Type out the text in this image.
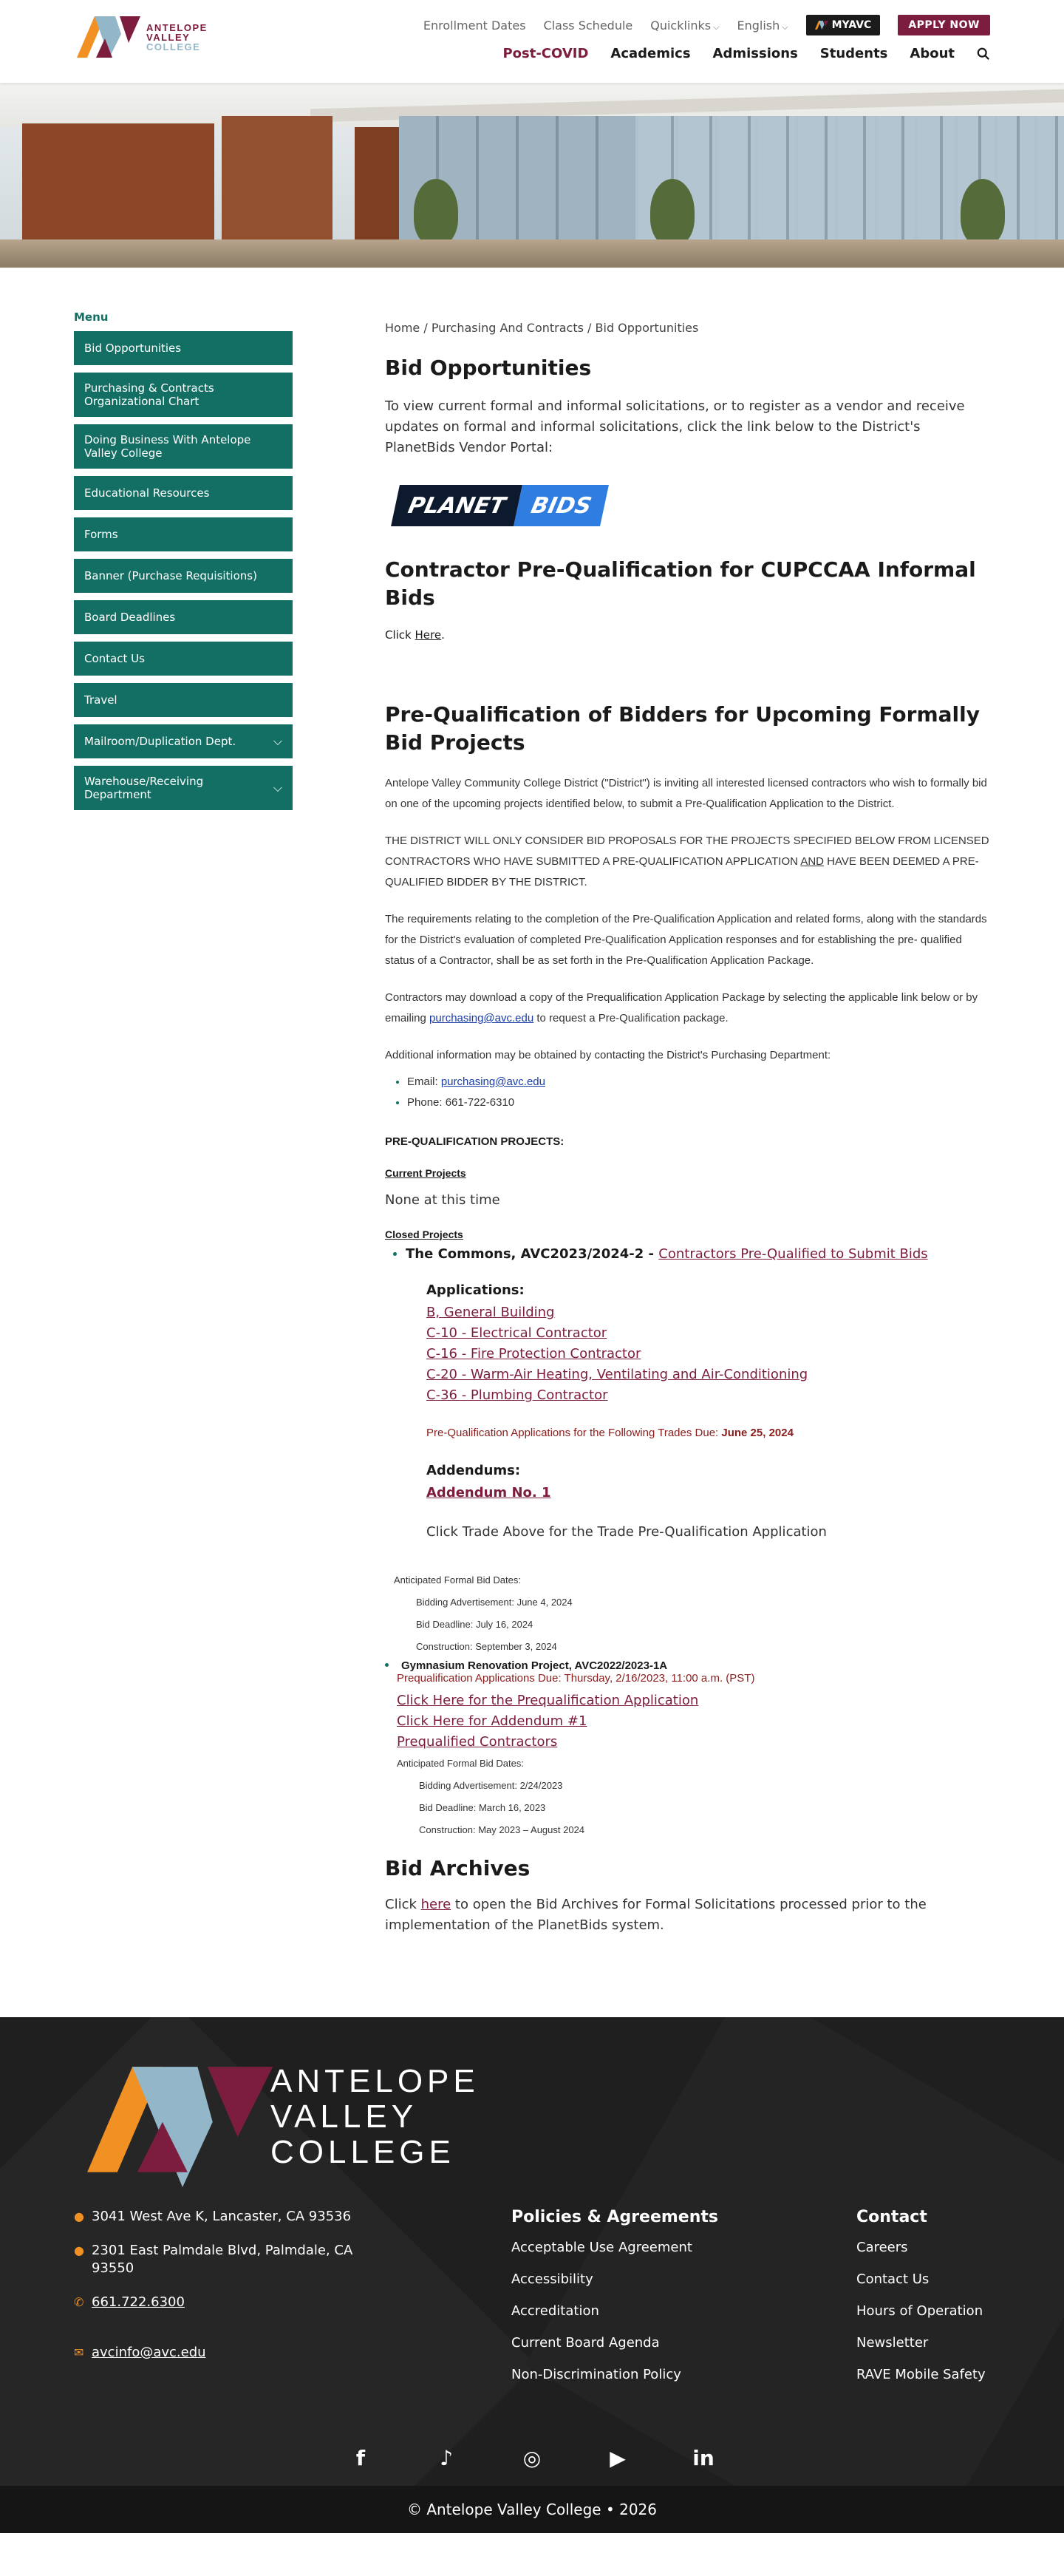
ANTELOPE
VALLEY
COLLEGE
Enrollment Dates Class Schedule Quicklinks ⌵ English ⌵	MYAVC	APPLY NOW
Post-COVID Academics Admissions Students About
Menu
Bid Opportunities
Purchasing & Contracts Organizational Chart
Doing Business With Antelope Valley College
Educational Resources
Forms
Banner (Purchase Requisitions)
Board Deadlines
Contact Us
Travel
Mailroom/Duplication Dept.	⌵
Warehouse/Receiving Department	⌵
Home / Purchasing And Contracts / Bid Opportunities
Bid Opportunities

To view current formal and informal solicitations, or to register as a vendor and receive updates on formal and informal solicitations, click the link below to the District's PlanetBids Vendor Portal:

PLANET BIDS
Contractor Pre-Qualification for CUPCCAA Informal Bids

Click Here.

Pre-Qualification of Bidders for Upcoming Formally Bid Projects

Antelope Valley Community College District ("District") is inviting all interested licensed contractors who wish to formally bid on one of the upcoming projects identified below, to submit a Pre-Qualification Application to the District.

THE DISTRICT WILL ONLY CONSIDER BID PROPOSALS FOR THE PROJECTS SPECIFIED BELOW FROM LICENSED CONTRACTORS WHO HAVE SUBMITTED A PRE-QUALIFICATION APPLICATION AND HAVE BEEN DEEMED A PRE-QUALIFIED BIDDER BY THE DISTRICT.

The requirements relating to the completion of the Pre-Qualification Application and related forms, along with the standards for the District's evaluation of completed Pre-Qualification Application responses and for establishing the pre- qualified status of a Contractor, shall be as set forth in the Pre-Qualification Application Package.

Contractors may download a copy of the Prequalification Application Package by selecting the applicable link below or by emailing purchasing@avc.edu to request a Pre-Qualification package.

Additional information may be obtained by contacting the District's Purchasing Department:

• Email: purchasing@avc.edu
• Phone: 661-722-6310

PRE-QUALIFICATION PROJECTS:

Current Projects

None at this time

Closed Projects

• The Commons, AVC2023/2024-2 - Contractors Pre-Qualified to Submit Bids

Applications:
B, General Building
C-10 - Electrical Contractor
C-16 - Fire Protection Contractor
C-20 - Warm-Air Heating, Ventilating and Air-Conditioning
C-36 - Plumbing Contractor

Pre-Qualification Applications for the Following Trades Due: June 25, 2024

Addendums:
Addendum No. 1

Click Trade Above for the Trade Pre-Qualification Application

Anticipated Formal Bid Dates:
Bidding Advertisement: June 4, 2024
Bid Deadline: July 16, 2024
Construction: September 3, 2024
• Gymnasium Renovation Project, AVC2022/2023-1A

Prequalification Applications Due: Thursday, 2/16/2023, 11:00 a.m. (PST)

Click Here for the Prequalification Application
Click Here for Addendum #1
Prequalified Contractors
Anticipated Formal Bid Dates:
Bidding Advertisement: 2/24/2023
Bid Deadline: March 16, 2023
Construction: May 2023 – August 2024
Bid Archives

Click here to open the Bid Archives for Formal Solicitations processed prior to the implementation of the PlanetBids system.

ANTELOPE
VALLEY
COLLEGE
● 3041 West Ave K, Lancaster, CA 93536
● 2301 East Palmdale Blvd, Palmdale, CA 93550
✆ 661.722.6300
✉ avcinfo@avc.edu
Policies & Agreements
Acceptable Use Agreement
Accessibility
Accreditation
Current Board Agenda
Non-Discrimination Policy
Contact
Careers
Contact Us
Hours of Operation
Newsletter
RAVE Mobile Safety
f	♪	◎	▶	in
© Antelope Valley College • 2026
